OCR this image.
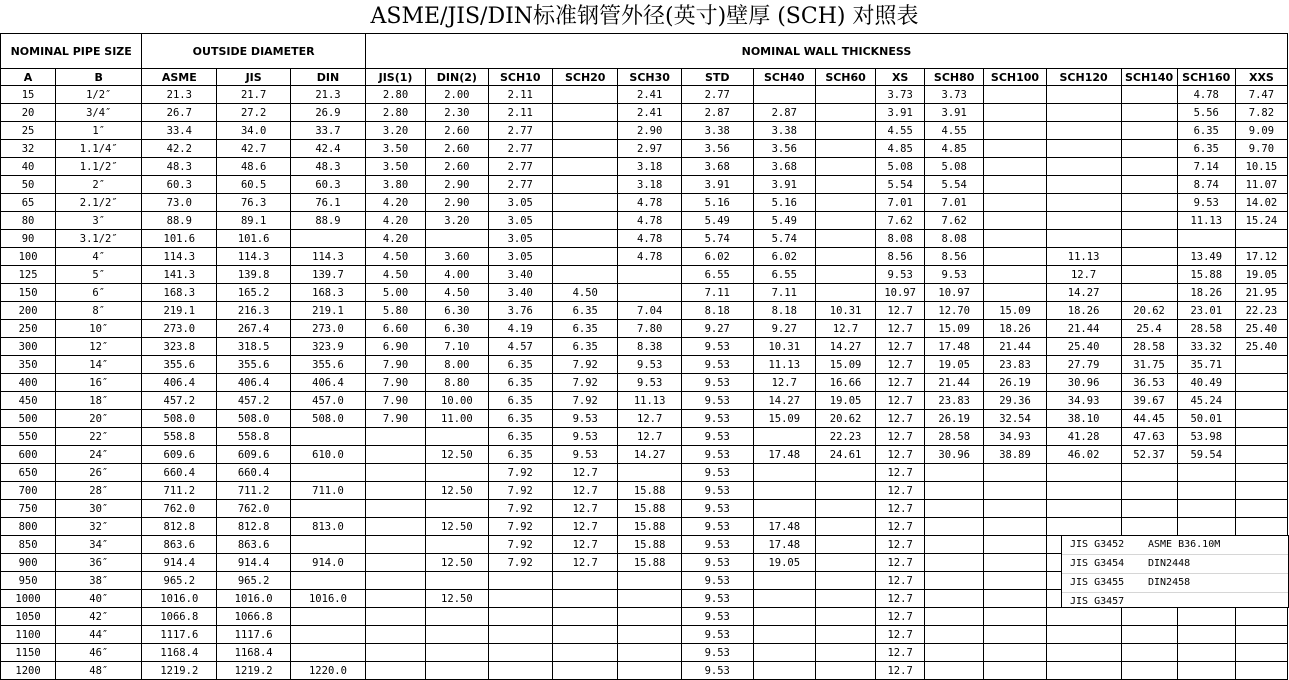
ASME/JIS/DIN标准钢管外径(英寸)壁厚 (SCH) 对照表
NOMINAL PIPE SIZE		OUTSIDE DIAMETER			NOMINAL WALL THICKNESS														
A	B	ASME	JIS	DIN	JIS(1)	DIN(2)	SCH10	SCH20	SCH30	STD	SCH40	SCH60	XS	SCH80	SCH100	SCH120	SCH140	SCH160	XXS
15	1/2″	21.3	21.7	21.3	2.80	2.00	2.11		2.41	2.77			3.73	3.73				4.78	7.47
20	3/4″	26.7	27.2	26.9	2.80	2.30	2.11		2.41	2.87	2.87		3.91	3.91				5.56	7.82
25	1″	33.4	34.0	33.7	3.20	2.60	2.77		2.90	3.38	3.38		4.55	4.55				6.35	9.09
32	1.1/4″	42.2	42.7	42.4	3.50	2.60	2.77		2.97	3.56	3.56		4.85	4.85				6.35	9.70
40	1.1/2″	48.3	48.6	48.3	3.50	2.60	2.77		3.18	3.68	3.68		5.08	5.08				7.14	10.15
50	2″	60.3	60.5	60.3	3.80	2.90	2.77		3.18	3.91	3.91		5.54	5.54				8.74	11.07
65	2.1/2″	73.0	76.3	76.1	4.20	2.90	3.05		4.78	5.16	5.16		7.01	7.01				9.53	14.02
80	3″	88.9	89.1	88.9	4.20	3.20	3.05		4.78	5.49	5.49		7.62	7.62				11.13	15.24
90	3.1/2″	101.6	101.6		4.20		3.05		4.78	5.74	5.74		8.08	8.08					
100	4″	114.3	114.3	114.3	4.50	3.60	3.05		4.78	6.02	6.02		8.56	8.56		11.13		13.49	17.12
125	5″	141.3	139.8	139.7	4.50	4.00	3.40			6.55	6.55		9.53	9.53		12.7		15.88	19.05
150	6″	168.3	165.2	168.3	5.00	4.50	3.40	4.50		7.11	7.11		10.97	10.97		14.27		18.26	21.95
200	8″	219.1	216.3	219.1	5.80	6.30	3.76	6.35	7.04	8.18	8.18	10.31	12.7	12.70	15.09	18.26	20.62	23.01	22.23
250	10″	273.0	267.4	273.0	6.60	6.30	4.19	6.35	7.80	9.27	9.27	12.7	12.7	15.09	18.26	21.44	25.4	28.58	25.40
300	12″	323.8	318.5	323.9	6.90	7.10	4.57	6.35	8.38	9.53	10.31	14.27	12.7	17.48	21.44	25.40	28.58	33.32	25.40
350	14″	355.6	355.6	355.6	7.90	8.00	6.35	7.92	9.53	9.53	11.13	15.09	12.7	19.05	23.83	27.79	31.75	35.71	
400	16″	406.4	406.4	406.4	7.90	8.80	6.35	7.92	9.53	9.53	12.7	16.66	12.7	21.44	26.19	30.96	36.53	40.49	
450	18″	457.2	457.2	457.0	7.90	10.00	6.35	7.92	11.13	9.53	14.27	19.05	12.7	23.83	29.36	34.93	39.67	45.24	
500	20″	508.0	508.0	508.0	7.90	11.00	6.35	9.53	12.7	9.53	15.09	20.62	12.7	26.19	32.54	38.10	44.45	50.01	
550	22″	558.8	558.8				6.35	9.53	12.7	9.53		22.23	12.7	28.58	34.93	41.28	47.63	53.98	
600	24″	609.6	609.6	610.0		12.50	6.35	9.53	14.27	9.53	17.48	24.61	12.7	30.96	38.89	46.02	52.37	59.54	
650	26″	660.4	660.4				7.92	12.7		9.53			12.7						
700	28″	711.2	711.2	711.0		12.50	7.92	12.7	15.88	9.53			12.7						
750	30″	762.0	762.0				7.92	12.7	15.88	9.53			12.7						
800	32″	812.8	812.8	813.0		12.50	7.92	12.7	15.88	9.53	17.48		12.7						
850	34″	863.6	863.6				7.92	12.7	15.88	9.53	17.48		12.7						
900	36″	914.4	914.4	914.0		12.50	7.92	12.7	15.88	9.53	19.05		12.7						
950	38″	965.2	965.2							9.53			12.7						
1000	40″	1016.0	1016.0	1016.0		12.50				9.53			12.7						
1050	42″	1066.8	1066.8							9.53			12.7						
1100	44″	1117.6	1117.6							9.53			12.7						
1150	46″	1168.4	1168.4							9.53			12.7						
1200	48″	1219.2	1219.2	1220.0						9.53			12.7						
JIS G3452 ASME B36.10M
JIS G3454 DIN2448
JIS G3455 DIN2458
JIS G3457
